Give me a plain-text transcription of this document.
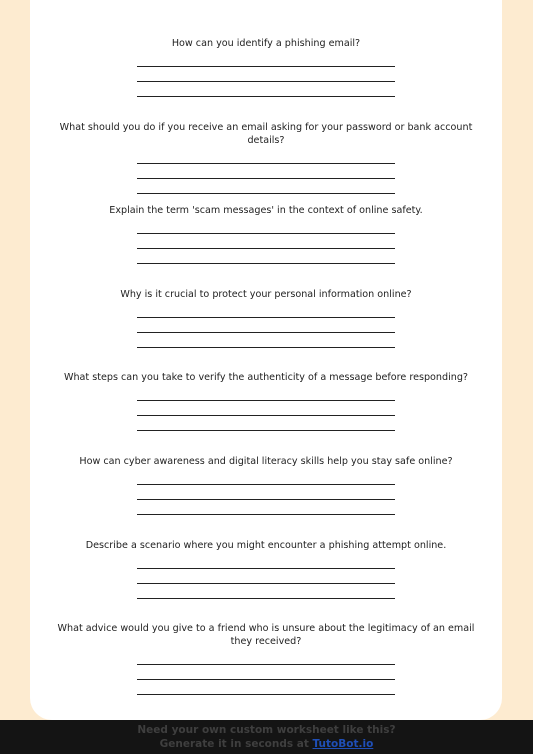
How can you identify a phishing email?
What should you do if you receive an email asking for your password or bank account details?
Explain the term 'scam messages' in the context of online safety.
Why is it crucial to protect your personal information online?
What steps can you take to verify the authenticity of a message before responding?
How can cyber awareness and digital literacy skills help you stay safe online?
Describe a scenario where you might encounter a phishing attempt online.
What advice would you give to a friend who is unsure about the legitimacy of an email they received?
Need your own custom worksheet like this?
Generate it in seconds at TutoBot.io
